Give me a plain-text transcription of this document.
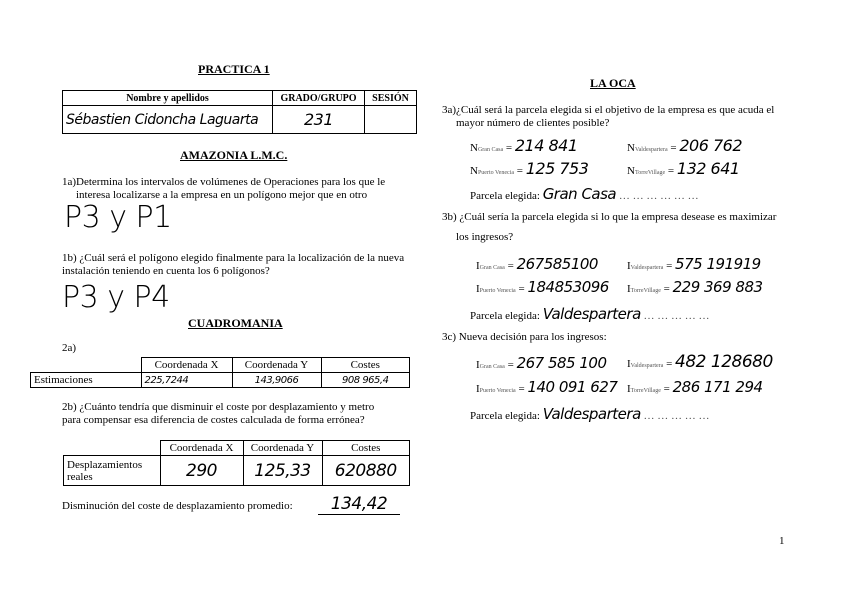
PRACTICA 1
Nombre y apellidos	GRADO/GRUPO	SESIÓN
Sébastien Cidoncha Laguarta	231	
AMAZONIA L.M.C.
1a)Determina los intervalos de volúmenes de Operaciones para los que le
interesa localizarse a la empresa en un polígono mejor que en otro
P3 y P1
1b) ¿Cuál será el polígono elegido finalmente para la localización de la nueva
instalación teniendo en cuenta los 6 polígonos?
P3 y P4
CUADROMANIA
2a)
	Coordenada X	Coordenada Y	Costes
Estimaciones	225,7244	143,9066	908 965,4
2b) ¿Cuánto tendría que disminuir el coste por desplazamiento y metro
para compensar esa diferencia de costes calculada de forma errónea?
	Coordenada X	Coordenada Y	Costes
Desplazamientos reales	290	125,33	620880
Disminución del coste de desplazamiento promedio:	134,42
LA OCA
3a)¿Cuál será la parcela elegida si el objetivo de la empresa es que acuda el
mayor número de clientes posible?
NGran Casa = 214 841	NValdespartera = 206 762
NPuerto Venecia = 125 753	NTorreVillage = 132 641
Parcela elegida: Gran Casa … … … … … …
3b) ¿Cuál sería la parcela elegida si lo que la empresa desease es maximizar
los ingresos?
IGran Casa = 267585100	IValdespartera = 575 191919
IPuerto Venecia = 184853096 ITorreVillage = 229 369 883
Parcela elegida: Valdespartera … … … … …
3c) Nueva decisión para los ingresos:
IGran Casa = 267 585 100 IValdespartera = 482 128680
IPuerto Venecia = 140 091 627 ITorreVillage = 286 171 294
Parcela elegida: Valdespartera … … … … …
1
